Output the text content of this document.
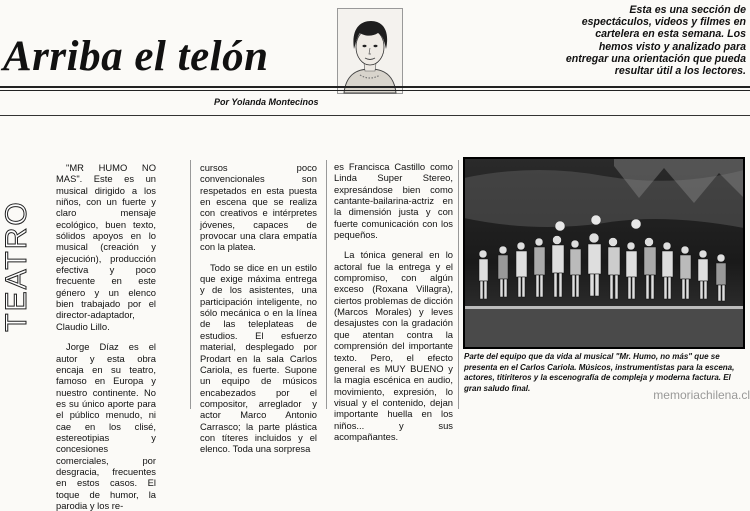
Arriba el telón
Esta es una sección de espectáculos, videos y filmes en cartelera en esta semana. Los hemos visto y analizado para entregar una orientación que pueda resultar útil a los lectores.
Por Yolanda Montecinos
TEATRO

"MR HUMO NO MAS". Este es un musical dirigido a los niños, con un fuerte y claro mensaje ecológico, buen texto, sólidos apoyos en lo musical (creación y ejecución), producción efectiva y poco frecuente en este género y un elenco bien trabajado por el director-adaptador, Claudio Lillo.

Jorge Díaz es el autor y esta obra encaja en su teatro, famoso en Europa y nuestro continente. No es su único aporte para el público menudo, ni cae en los clisé, estereotipias y concesiones comerciales, por desgracia, frecuentes en estos casos. El toque de humor, la parodia y los re-

cursos poco convencionales son respetados en esta puesta en escena que se realiza con creativos e intérpretes jóvenes, capaces de provocar una clara empatía con la platea.

Todo se dice en un estilo que exige máxima entrega y de los asistentes, una participación inteligente, no sólo mecánica o en la línea de las teleplateas de estudios. El esfuerzo material, desplegado por Prodart en la sala Carlos Cariola, es fuerte. Supone un equipo de músicos encabezados por el compositor, arreglador y actor Marco Antonio Carrasco; la parte plástica con títeres incluidos y el elenco. Toda una sorpresa

es Francisca Castillo como Linda Super Stereo, expresándose bien como cantante-bailarina-actriz en la dimensión justa y con fuerte comunicación con los pequeños.

La tónica general en lo actoral fue la entrega y el compromiso, con algún exceso (Roxana Villagra), ciertos problemas de dicción (Marcos Morales) y leves desajustes con la gradación que atentan contra la comprensión del importante texto. Pero, el efecto general es MUY BUENO y la magia escénica en audio, movimiento, expresión, lo visual y el contenido, dejan importante huella en los niños... y sus acompañantes.

Parte del equipo que da vida al musical "Mr. Humo, no más" que se presenta en el Carlos Cariola. Músicos, instrumentistas para la escena, actores, titiriteros y la escenografía de compleja y moderna factura. El gran saludo final.	memoriachilena.cl
